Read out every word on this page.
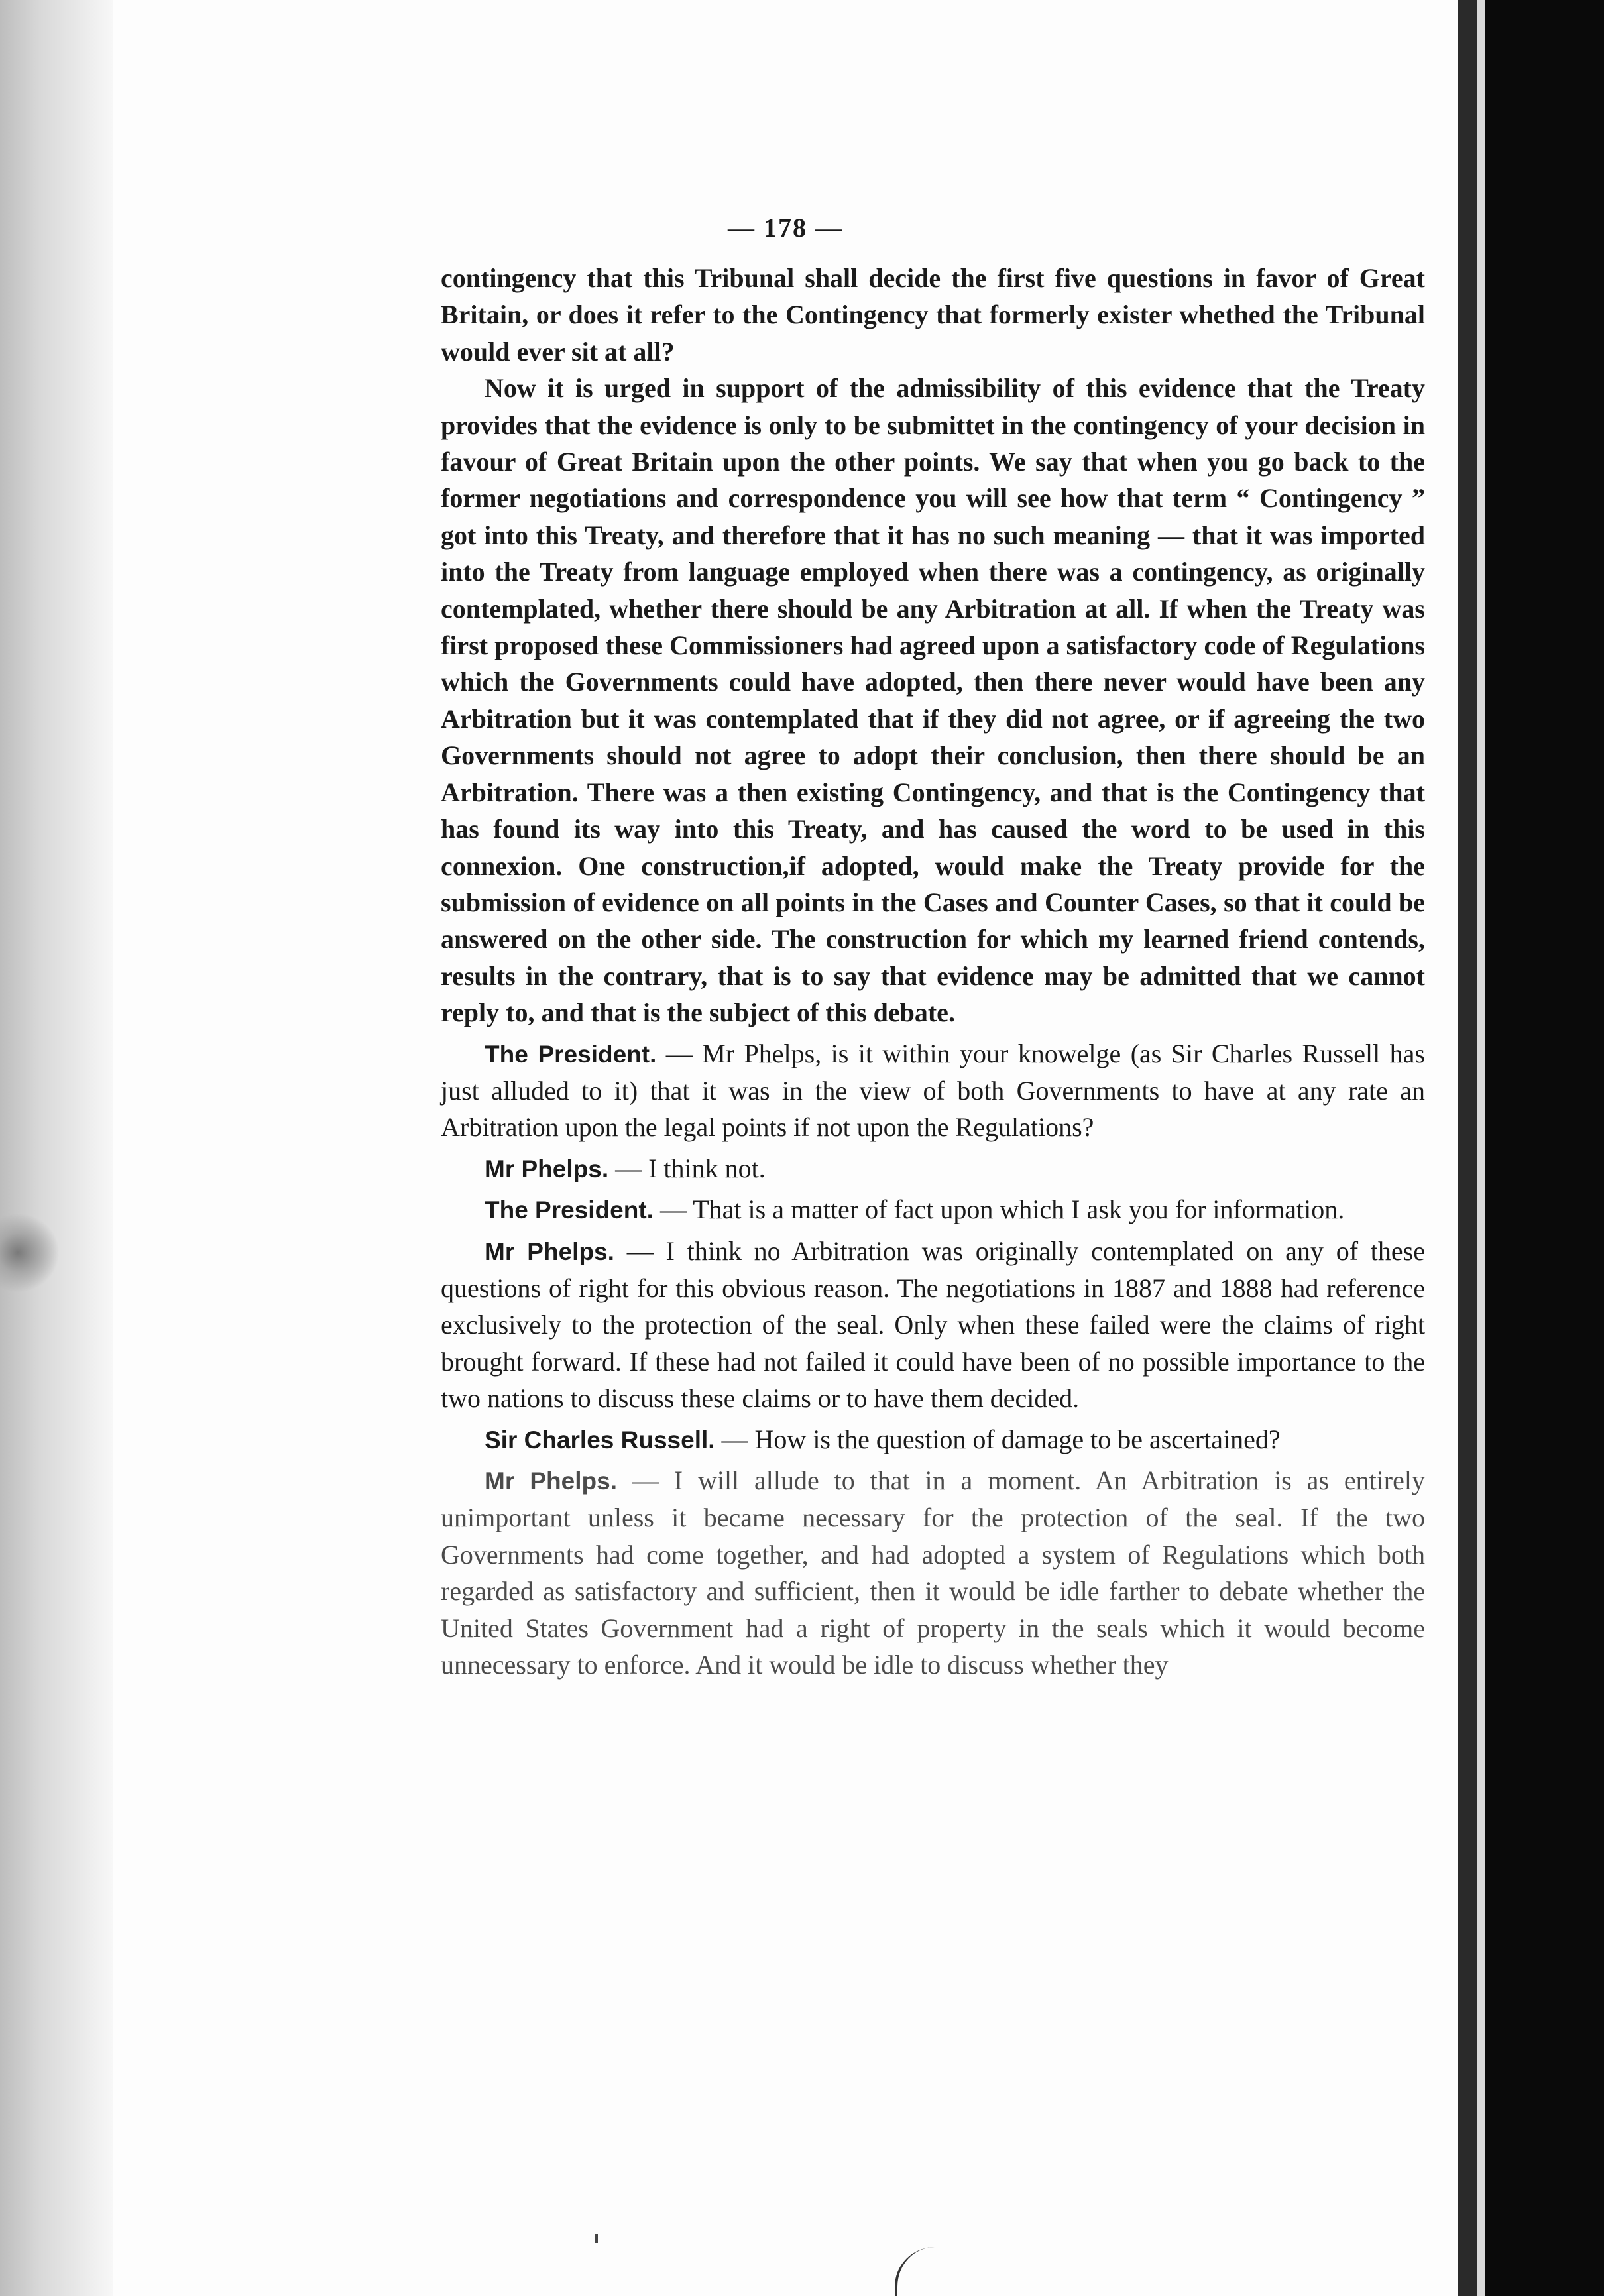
— 178 —

contingency that this Tribunal shall decide the first five questions in favor of Great Britain, or does it refer to the Contingency that formerly exister whethed the Tribunal would ever sit at all?

Now it is urged in support of the admissibility of this evidence that the Treaty provides that the evidence is only to be submittet in the contingency of your decision in favour of Great Britain upon the other points. We say that when you go back to the former negotiations and correspondence you will see how that term “ Contingency ” got into this Treaty, and therefore that it has no such meaning — that it was imported into the Treaty from language employed when there was a contingency, as originally contemplated, whether there should be any Arbitration at all. If when the Treaty was first proposed these Commissioners had agreed upon a satisfactory code of Regulations which the Governments could have adopted, then there never would have been any Arbitration but it was contemplated that if they did not agree, or if agreeing the two Governments should not agree to adopt their conclusion, then there should be an Arbitration. There was a then existing Contingency, and that is the Contingency that has found its way into this Treaty, and has caused the word to be used in this connexion. One construction,if adopted, would make the Treaty provide for the submission of evidence on all points in the Cases and Counter Cases, so that it could be answered on the other side. The construction for which my learned friend contends, results in the contrary, that is to say that evidence may be admitted that we cannot reply to, and that is the subject of this debate.

The President. — Mr Phelps, is it within your knowelge (as Sir Charles Russell has just alluded to it) that it was in the view of both Governments to have at any rate an Arbitration upon the legal points if not upon the Regulations?

Mr Phelps. — I think not.

The President. — That is a matter of fact upon which I ask you for information.

Mr Phelps. — I think no Arbitration was originally contemplated on any of these questions of right for this obvious reason. The negotiations in 1887 and 1888 had reference exclusively to the protection of the seal. Only when these failed were the claims of right brought forward. If these had not failed it could have been of no possible importance to the two nations to discuss these claims or to have them decided.

Sir Charles Russell. — How is the question of damage to be ascertained?

Mr Phelps. — I will allude to that in a moment. An Arbitration is as entirely unimportant unless it became necessary for the protection of the seal. If the two Governments had come together, and had adopted a system of Regulations which both regarded as satisfactory and sufficient, then it would be idle farther to debate whether the United States Government had a right of property in the seals which it would become unnecessary to enforce. And it would be idle to discuss whether they
